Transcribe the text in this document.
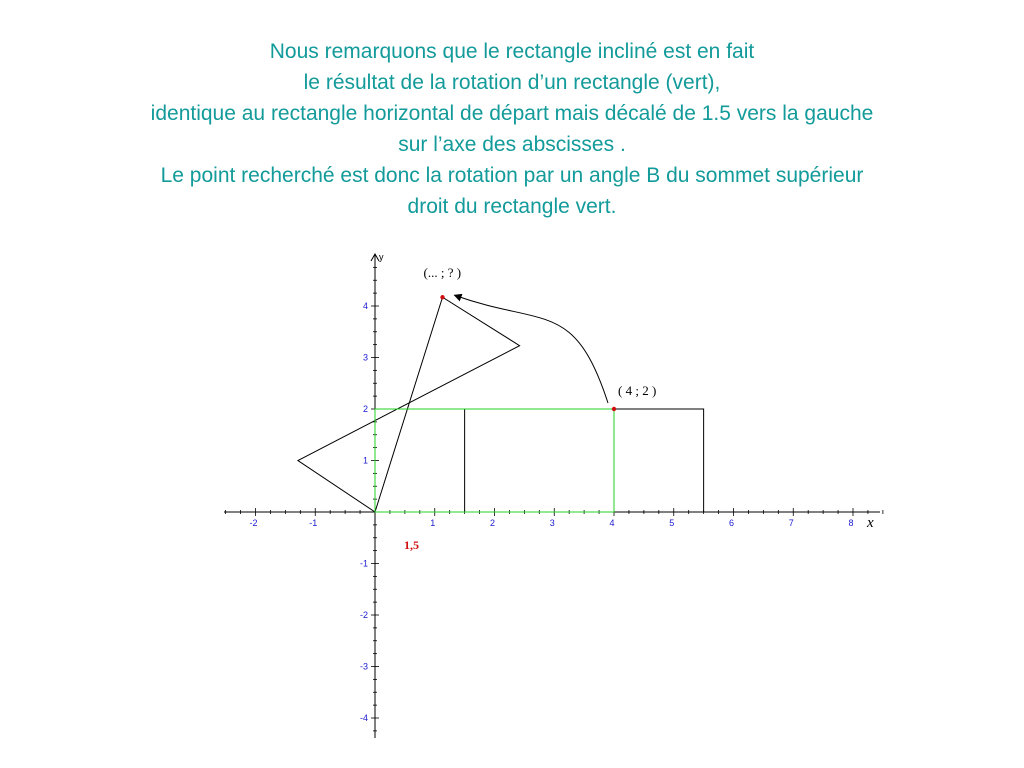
Nous remarquons que le rectangle incliné est en fait
le résultat de la rotation d’un rectangle (vert),
identique au rectangle horizontal de départ mais décalé de 1.5 vers la gauche
sur l’axe des abscisses .
Le point recherché est donc la rotation par un angle B du sommet supérieur
droit du rectangle vert.
-2	-1	1	2	3	4	5	6	7	8
4
3
2
1
-1
-2
-3
-4
x
y
( 4 ; 2 )
(... ; ? )
1,5
